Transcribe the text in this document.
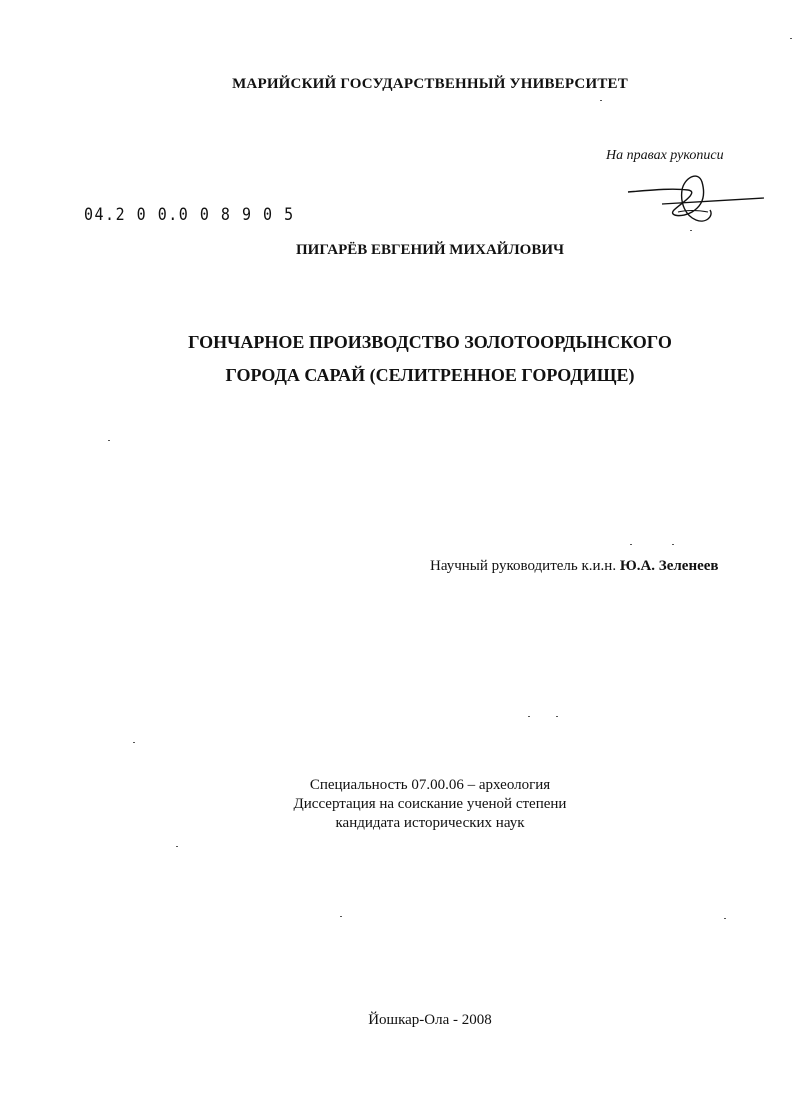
МАРИЙСКИЙ ГОСУДАРСТВЕННЫЙ УНИВЕРСИТЕТ
На правах рукописи
04.2 0 0.0 0 8 9 0 5
ПИГАРЁВ ЕВГЕНИЙ МИХАЙЛОВИЧ
ГОНЧАРНОЕ ПРОИЗВОДСТВО ЗОЛОТООРДЫНСКОГО
ГОРОДА САРАЙ (СЕЛИТРЕННОЕ ГОРОДИЩЕ)
Научный руководитель к.и.н. Ю.А. Зеленеев
Специальность 07.00.06 – археология
Диссертация на соискание ученой степени
кандидата исторических наук
Йошкар-Ола - 2008
